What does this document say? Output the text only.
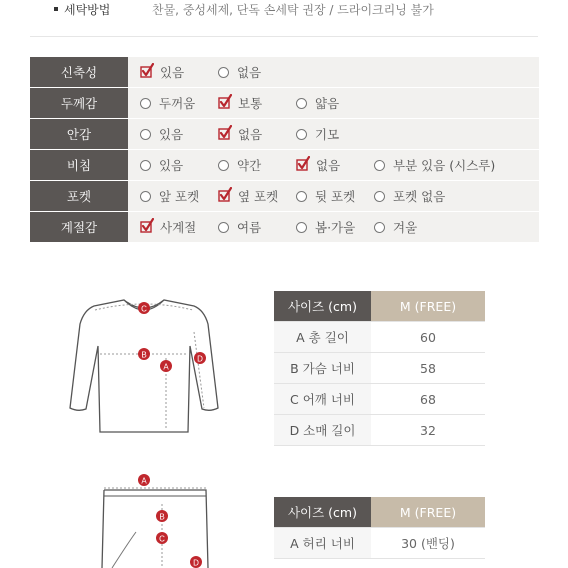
세탁방법	찬물, 중성세제, 단독 손세탁 권장 / 드라이크리닝 불가
신축성	있음	없음
두께감	두꺼움	보통	얇음
안감	있음	없음	기모
비침	있음	약간	없음	부분 있음 (시스루)
포켓	앞 포켓	옆 포켓	뒷 포켓	포켓 없음
계절감	사계절	여름	봄·가을	겨울
C
B
A
D
사이즈 (cm)	M (FREE)
A 총 길이	60
B 가슴 너비	58
C 어깨 너비	68
D 소매 길이	32
A
B
C
D
사이즈 (cm)	M (FREE)
A 허리 너비	30 (밴딩)
